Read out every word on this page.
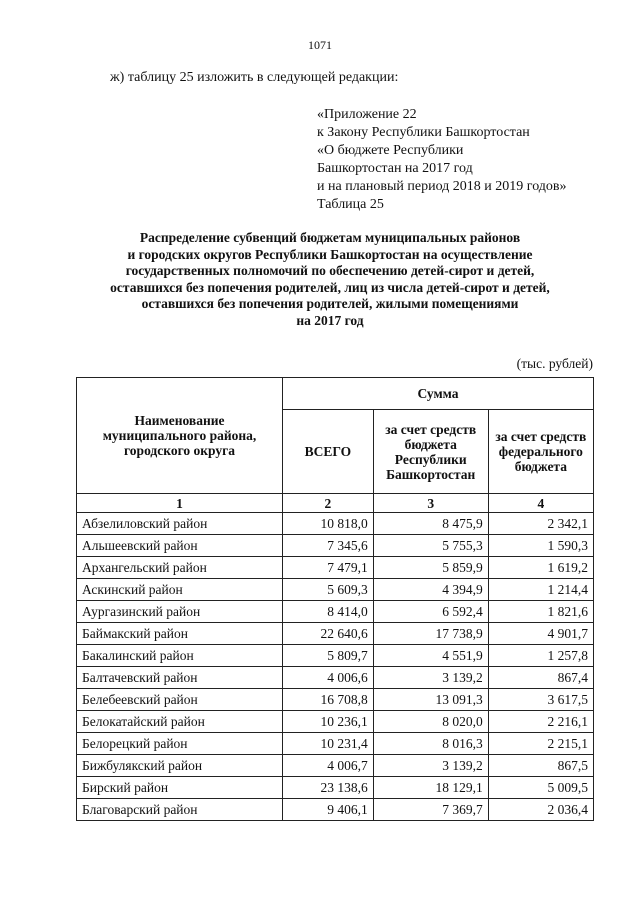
1071
ж) таблицу 25 изложить в следующей редакции:
«Приложение 22
к Закону Республики Башкортостан
«О бюджете Республики
Башкортостан на 2017 год
и на плановый период 2018 и 2019 годов»
Таблица 25
Распределение субвенций бюджетам муниципальных районов
и городских округов Республики Башкортостан на осуществление
государственных полномочий по обеспечению детей-сирот и детей,
оставшихся без попечения родителей, лиц из числа детей-сирот и детей,
оставшихся без попечения родителей, жилыми помещениями
на 2017 год
(тыс. рублей)
Наименование муниципального района, городского округа	Сумма		
	ВСЕГО	за счет средств бюджета Республики Башкортостан	за счет средств федерального бюджета
1	2	3	4
Абзелиловский район	10 818,0	8 475,9	2 342,1
Альшеевский район	7 345,6	5 755,3	1 590,3
Архангельский район	7 479,1	5 859,9	1 619,2
Аскинский район	5 609,3	4 394,9	1 214,4
Аургазинский район	8 414,0	6 592,4	1 821,6
Баймакский район	22 640,6	17 738,9	4 901,7
Бакалинский район	5 809,7	4 551,9	1 257,8
Балтачевский район	4 006,6	3 139,2	867,4
Белебеевский район	16 708,8	13 091,3	3 617,5
Белокатайский район	10 236,1	8 020,0	2 216,1
Белорецкий район	10 231,4	8 016,3	2 215,1
Бижбулякский район	4 006,7	3 139,2	867,5
Бирский район	23 138,6	18 129,1	5 009,5
Благоварский район	9 406,1	7 369,7	2 036,4
